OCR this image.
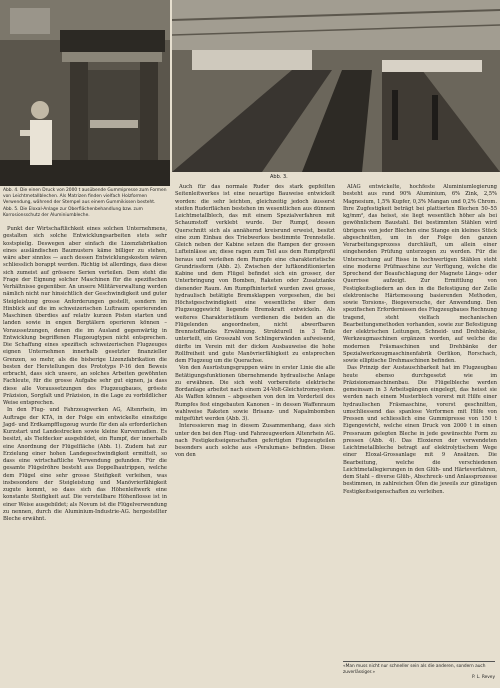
Abb. 3.

Abb. 4. Die einen Druck von 2000 t ausübende Gummipresse zum Formen von Leichtmetallblechen. Als Matrizen finden vielfach Holzformen Verwendung, während der Stempel aus einem Gummikissen besteht.

Abb. 5. Die Eloxal-Anlage zur Oberflächenbehandlung bzw. zum Korrosionsschutz der Aluminiumbleche.

Punkt der Wirtschaftlichkeit eines solchen Unternehmens, gestalten sich solche Entwicklungsarbeiten stets sehr kostspielig. Deswegen aber einfach die Lizenzfabrikation eines ausländischen Baumusters käme billiger zu stehen, wäre aber sinnlos — auch dessen Entwicklungskosten wären schliesslich borappt werden. Richtig ist allerdings, dass diese sich zumeist auf grössere Serien verteilen. Dem steht die Frage der Eignung solcher Maschinen für die spezifischen Verhältnisse gegenüber. An unsere Militärverwaltung werden nämlich nicht nur hinsichtlich der Geschwindigkeit und guter Steigleistung grosse Anforderungen gestellt, sondern im Hinblick auf die im schweizerischen Luftraum operierenden Maschinen überdies auf relativ kurzen Pisten starten und landen sowie in engen Bergtälern operieren können – Voraussetzungen, denen die im Ausland gegenwärtig in Entwicklung begriffenen Flugzeugtypen nicht entsprechen. Die Schaffung eines spezifisch schweizerischen Flugzeuges eignen Unternehmen innerhalb gesetzter finanzieller Grenzen, so mehr, als die bisherige Lizenzfabrikation die besten der Herstellungen des Prototyps P-16 den Beweis erbracht, dass sich unsere, an solches Arbeiten gewöhnten Fachleute, für die grosse Aufgabe sehr gut eignen, ja dass diese alle Voraussetzungen des Flugzeugbaues, grösste Präzision, Sorgfalt und Präzision, in die Lage zu vorbildlicher Weise entsprechen.

In den Flug- und Fahrzeugwerken AG, Altenrhein, im Auftrage der KTA, in der Folge ein entwickelte einsitzige Jagd- und Erdkampfflugzeug wurde für den als erforderlichen Kurzstart und Landestrecken sowie kleine Kurvenradien. Es besitzt, als Tiefdecker ausgebildet, ein Rumpf, der innerhalb eine Anordnung der Flügelfläche (Abb. 1). Zudem hat zur Erzielung einer hohen Landegeschwindigkeit ermittelt, so dass eine wirtschaftliche Verwendung gefunden. Für die gesamte Flügelröhre besteht aus Doppelhautrippen, welche dem Flügel eine sehr grosse Steifigkeit verleihen, was insbesondere der Steigleistung und Manövrierfähigkeit zugute kommt, so dass sich das Höhenleitwerk eine konstante Steifigkeit auf. Die verstellbare Höhenflosse ist in einer Weise ausgebildet; als Novum ist die Flügelverwendung zu nennen, durch die Aluminium-Industrie-AG. hergestellter Bleche erwähnt.

Auch für das normale Ruder des stark gepfeilten Seitenleitwerkes ist eine neuartige Bauweise entwickelt worden: die sehr leichten, gleichzeitig jedoch äusserst steifen Ruderflächen bestehen im wesentlichen aus dünnem Leichtmetallblech, das mit einem Spezialverfahren mit Schaumstoff verklebt wurde. Der Rumpf, dessen Querschnitt sich als annähernd kreisrund erweist, besitzt eine zum Einbau des Triebwerkes bestimmte Trennstelle. Gleich neben der Kabine setzen die Rampen der grossen Lufteinlässe an; diese ragen zum Teil aus dem Rumpfprofil heraus und verleihen dem Rumpfe eine charakteristische Grundrissform (Abb. 2). Zwischen der luftkonditionierten Kabine und dem Flügel befindet sich ein grosser, der Unterbringung von Bomben, Raketen oder Zusatztanks dienender Raum. Am Rumpfhinterteil wurden zwei grosse, hydraulisch betätigte Bremsklappen vorgesehen, die bei Höchstgeschwindigkeit eine wesentliche über dem Flugzeuggewicht liegende Bremskraft entwickeln. Als weiteres Charakteristikum verdienen die beiden an die Flügelenden angeordneten, nicht abwerfbaren Brennstofftanks Erwähnung. Strukturell in 3 Teile unterteilt, ein Grosszahl von Schlingerwänden aufweisend, dürfte im Verein mit der dicken Ausbauweise die hohe Rollfreiheit und gute Manövrierfähigkeit zu entsprechen dem Flugzeug um die Querachse.

Von den Ausrüstungsgruppen wäre in erster Linie die alle Betätigungsfunktionen übernehmende hydraulische Anlage zu erwähnen. Die sich wohl vorbereitete elektrische Bordanlage arbeitet nach einem 24-Volt-Gleichstromsystem. Als Waffen können – abgesehen von den im Vorderteil des Rumpfes fest eingebauten Kanonen – in dessen Waffenraum wahlweise Raketen sowie Brisanz- und Napalmbomben mitgeführt werden (Abb. 3).

Interessieren mag in diesem Zusammenhang, dass sich unter den bei den Flug- und Fahrzeugwerken Altenrhein AG. nach Festigkeitseigenschaften gefertigten Flugzeugteilen besonders auch solche aus «Peraluman» befinden. Diese von den

AIAG entwickelte, hochfeste Aluminiumlegierung besteht aus rund 90% Aluminium, 6% Zink, 2,5% Magnesium, 1,5% Kupfer, 0,3% Mangan und 0,2% Chrom. Ihre Zugfestigkeit beträgt bei plattierten Blechen 50–55 kg/mm², das heisst, sie liegt wesentlich höher als bei gewöhnlichem Baustahl. Bei bestimmten Stählen wird übrigens von jeder Blechen eine Stange ein kleines Stück abgeschnitten, um in der Folge den ganzen Verarbeitungsprozess durchläuft, um allein einer eingehenden Prüfung unterzogen zu werden. Für die Untersuchung auf Risse in hochwertigen Stählen steht eine moderne Prüfmaschine zur Verfügung, welche die Sprechend der Beaufschlagung der Magnete Längs- oder Querrisse aufzeigt. Zur Ermittlung von Festigkeitsgliedern an den in die Befestigung der Zelle elektronische Härtemessung basierenden Methoden, sowie Torsions-, Biegeversuche, der Anwendung. Den spezifischen Erfordernissen des Flugzeugbaues Rechnung tragend, steht vielfach mechanischen Bearbeitungsmethoden vorhanden, sowie zur Befestigung der elektrischen Leitungen, Schneid- und Drehbänke, Werkzeugmaschinen ergänzen worden, auf welche die modernen Fräsmaschinen und Drehbänke der Spezialwerkzeugmaschinenfabrik Oerlikon, Rorschach, sowie elliptische Drehmaschinen befinden.

Das Prinzip der Austauschbarkeit hat im Flugzeugbau heute ebenso durchgesetzt wie im Präzisionsmaschinenbau. Die Flügelbleche werden gemeinsam in 3 Arbeitsgängen eingelegt, das heisst sie werden nach einem Musterblech vorerst mit Hilfe einer hydraulischen Fräsmaschine, vorerst geschnitten, umschliessend das spanlose Verformen mit Hilfe von Pressen und schliesslich eine Gummipresse von 150 t Eigengewicht, welche einen Druck von 2000 t in einen Pressraum gelegten Bleche in jede gewünschte Form zu pressen (Abb. 4). Das Eloxieren der verwendeten Leichtmetallbleche betragt auf elektrolytischem Wege einer Eloxal-Grossanlage mit 9 Ansätzen. Die Bearbeitung, welche die verschiedenen Leichtmetallegierungen in den Glüh- und Härteverfahren, dem Stahl – diverse Glüh-, Abschreck- und Anlassprozesse bestimmen, in zahlreichen Öfen die jeweils zur günstigen Festigkeitseigenschaften zu verleihen.

«Man muss nicht nur schneller sein als die anderen, sondern auch zuverlässiger.»
P. L. Revey
